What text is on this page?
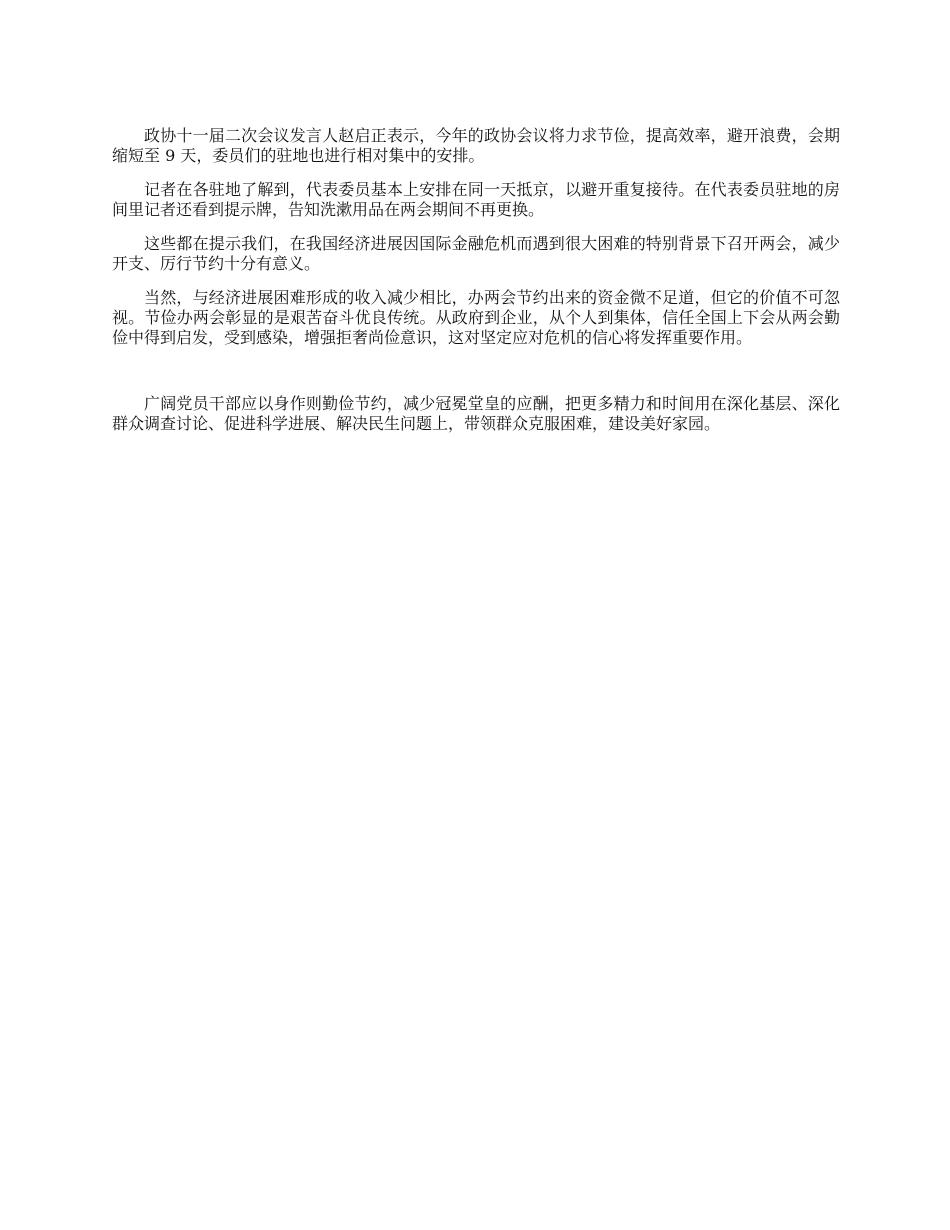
政协十一届二次会议发言人赵启正表示，今年的政协会议将力求节俭，提高效率，避开浪费，会期缩短至 9 天，委员们的驻地也进行相对集中的安排。

记者在各驻地了解到，代表委员基本上安排在同一天抵京，以避开重复接待。在代表委员驻地的房间里记者还看到提示牌，告知洗漱用品在两会期间不再更换。

这些都在提示我们，在我国经济进展因国际金融危机而遇到很大困难的特别背景下召开两会，减少开支、厉行节约十分有意义。

当然，与经济进展困难形成的收入减少相比，办两会节约出来的资金微不足道，但它的价值不可忽视。节俭办两会彰显的是艰苦奋斗优良传统。从政府到企业，从个人到集体，信任全国上下会从两会勤俭中得到启发，受到感染，增强拒奢尚俭意识，这对坚定应对危机的信心将发挥重要作用。

广阔党员干部应以身作则勤俭节约，减少冠冕堂皇的应酬，把更多精力和时间用在深化基层、深化群众调查讨论、促进科学进展、解决民生问题上，带领群众克服困难，建设美好家园。
